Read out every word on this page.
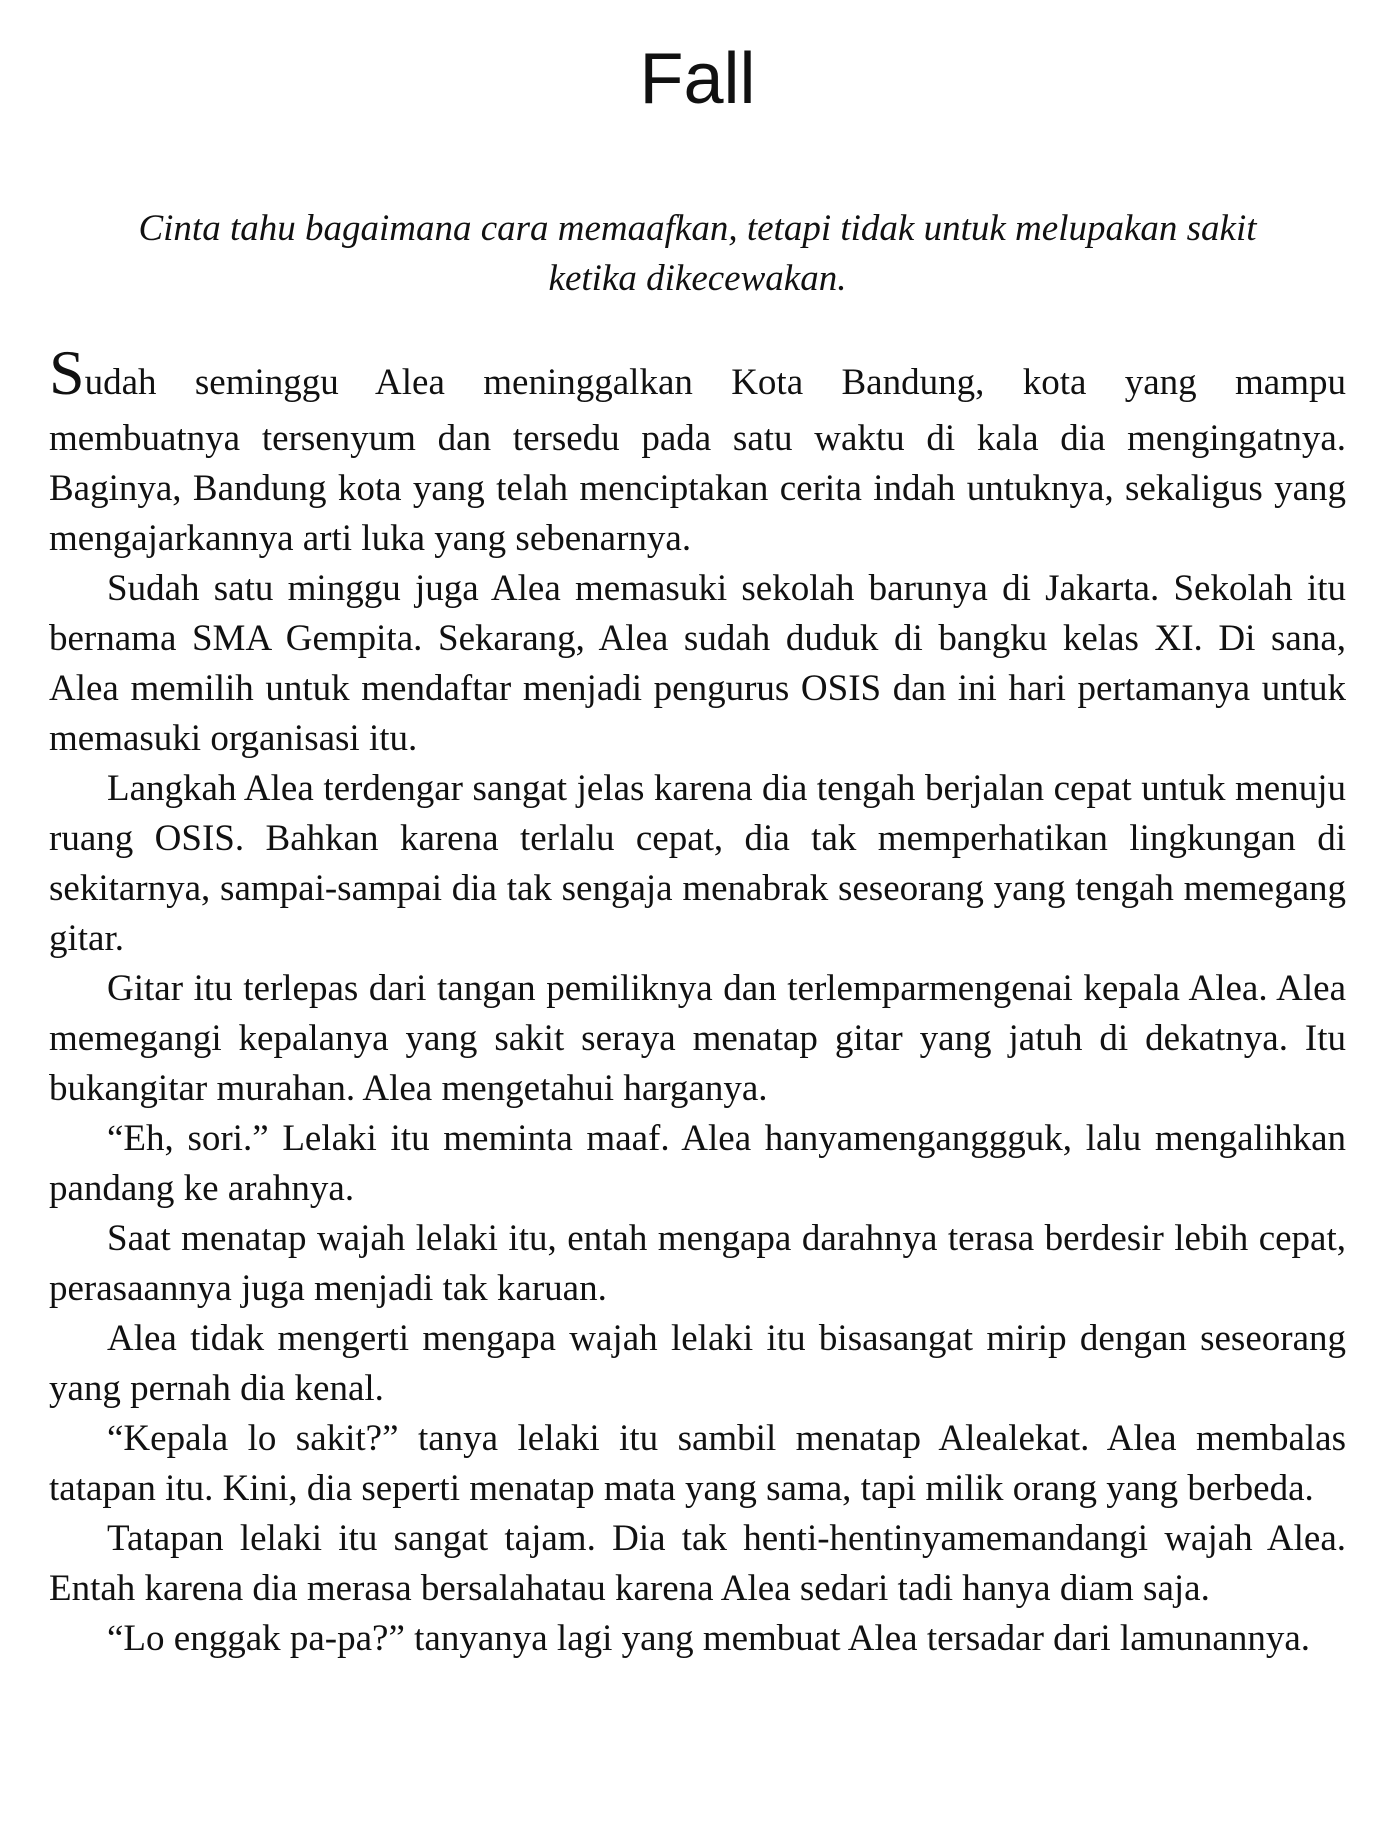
Fall
Cinta tahu bagaimana cara memaafkan, tetapi tidak untuk melupakan sakit
ketika dikecewakan.

Sudah seminggu Alea meninggalkan Kota Bandung, kota yang mampu
membuatnya tersenyum dan tersedu pada satu waktu di kala dia mengingatnya. Baginya, Bandung kota yang telah menciptakan cerita indah untuknya, sekaligus yang mengajarkannya arti luka yang sebenarnya.

Sudah satu minggu juga Alea memasuki sekolah barunya di Jakarta. Sekolah itu bernama SMA Gempita. Sekarang, Alea sudah duduk di bangku kelas XI. Di sana, Alea memilih untuk mendaftar menjadi pengurus OSIS dan ini hari pertamanya untuk memasuki organisasi itu.

Langkah Alea terdengar sangat jelas karena dia tengah berjalan cepat untuk menuju ruang OSIS. Bahkan karena terlalu cepat, dia tak memperhatikan lingkungan di sekitarnya, sampai-sampai dia tak sengaja menabrak seseorang yang tengah memegang gitar.

Gitar itu terlepas dari tangan pemiliknya dan terlemparmengenai kepala Alea. Alea memegangi kepalanya yang sakit seraya menatap gitar yang jatuh di dekatnya. Itu bukangitar murahan. Alea mengetahui harganya.

“Eh, sori.” Lelaki itu meminta maaf. Alea hanyamenganggguk, lalu mengalihkan pandang ke arahnya.

Saat menatap wajah lelaki itu, entah mengapa darahnya terasa berdesir lebih cepat, perasaannya juga menjadi tak karuan.

Alea tidak mengerti mengapa wajah lelaki itu bisasangat mirip dengan seseorang yang pernah dia kenal.

“Kepala lo sakit?” tanya lelaki itu sambil menatap Alealekat. Alea membalas tatapan itu. Kini, dia seperti menatap mata yang sama, tapi milik orang yang berbeda.

Tatapan lelaki itu sangat tajam. Dia tak henti-hentinyamemandangi wajah Alea. Entah karena dia merasa bersalahatau karena Alea sedari tadi hanya diam saja.

“Lo enggak pa-pa?” tanyanya lagi yang membuat Alea tersadar dari lamunannya.
